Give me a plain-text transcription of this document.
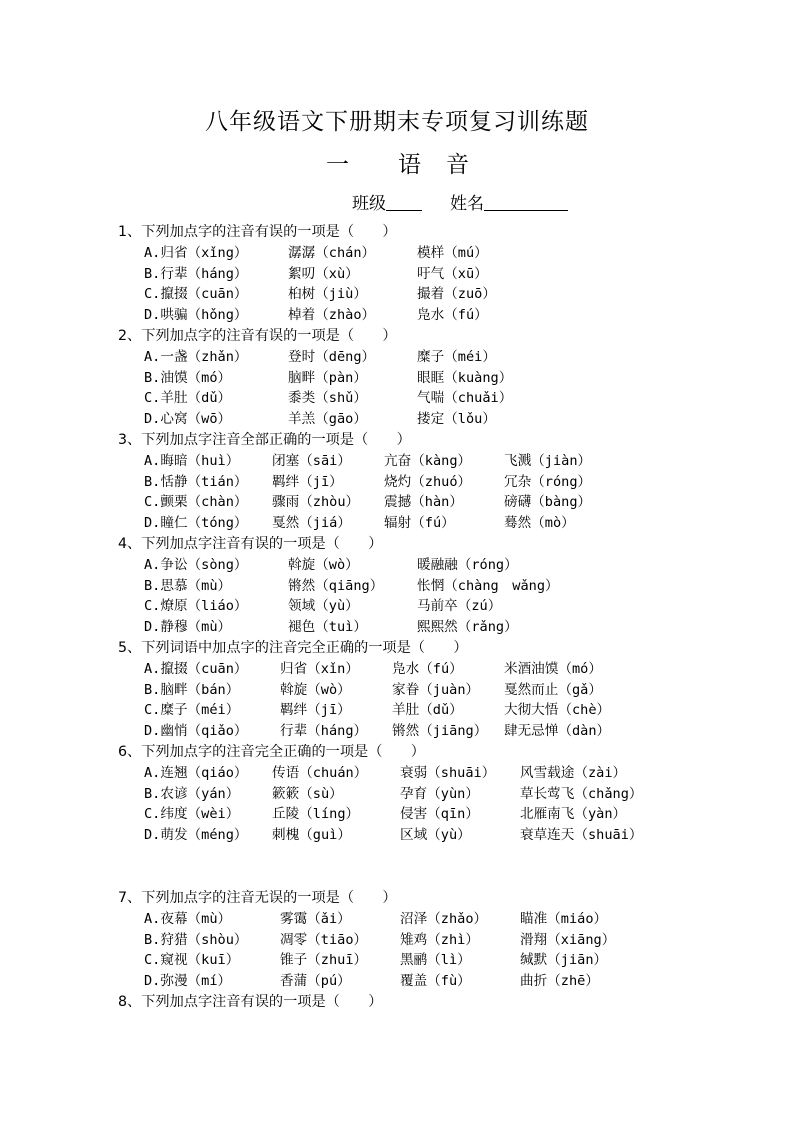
八年级语文下册期末专项复习训练题
一 语 音
班级	姓名
1、下列加点字的注音有误的一项是（　　）
A.归省（xǐng）	潺潺（chán）	模样（mú）
B.行辈（háng）	絮叨（xù）	吁气（xū）
C.攛掇（cuān）	桕树（jiù）	撮着（zuō）
D.哄骗（hǒng）	棹着（zhào）	凫水（fú）
2、下列加点字的注音有误的一项是（　　）
A.一盏（zhǎn）	登时（dēng）	糜子（méi）
B.油馍（mó）	脑畔（pàn）	眼眶（kuàng）
C.羊肚（dǔ）	黍类（shǔ）	气喘（chuǎi）
D.心窝（wō）	羊羔（gāo）	搂定（lǒu）
3、下列加点字注音全部正确的一项是（　　）
A.晦暗（huì） 闭塞（sāi） 亢奋（kàng） 飞溅（jiàn）
B.恬静（tián） 羁绊（jī）	烧灼（zhuó） 冗杂（róng）
C.颤栗（chàn） 骤雨（zhòu） 震撼（hàn）	磅礴（bàng）
D.瞳仁（tóng） 戛然（jiá） 辐射（fú）	蓦然（mò）
4、下列加点字注音有误的一项是（　　）
A.争讼（sòng）	斡旋（wò）	暖融融（róng）
B.思慕（mù）	锵然（qiāng） 怅惘（chàng　wǎng）
C.燎原（liáo）	领域（yù）	马前卒（zú）
D.静穆（mù）	褪色（tuì）	熙熙然（rǎng）
5、下列词语中加点字的注音完全正确的一项是（　　）
A.攛掇（cuān） 归省（xǐn） 凫水（fú）	米酒油馍（mó）
B.脑畔（bán）	斡旋（wò）	家眷（juàn） 戛然而止（gǎ）
C.糜子（méi）	羁绊（jī）	羊肚（dǔ）	大彻大悟（chè）
D.幽悄（qiǎo） 行辈（háng） 锵然（jiāng） 肆无忌惮（dàn）
6、下列加点字的注音完全正确的一项是（　　）
A.连翘（qiáo） 传语（chuán） 衰弱（shuāi） 风雪载途（zài）
B.农谚（yán） 簌簌（sù）	孕育（yùn）	草长莺飞（chǎng）
C.纬度（wèi） 丘陵（líng）	侵害（qīn）	北雁南飞（yàn）
D.萌发（méng） 刺槐（guì）	区域（yù）	衰草连天（shuāi）
7、下列加点字的注音无误的一项是（　　）
A.夜幕（mù）	雾霭（ǎi）	沼泽（zhǎo） 瞄准（miáo）
B.狩猎（shòu） 凋零（tiāo） 雉鸡（zhì）	滑翔（xiāng）
C.窥视（kuī）	锥子（zhuī） 黑鹂（lì）	缄默（jiān）
D.弥漫（mí）	香蒲（pú）	覆盖（fù）	曲折（zhē）
8、下列加点字注音有误的一项是（　　）
